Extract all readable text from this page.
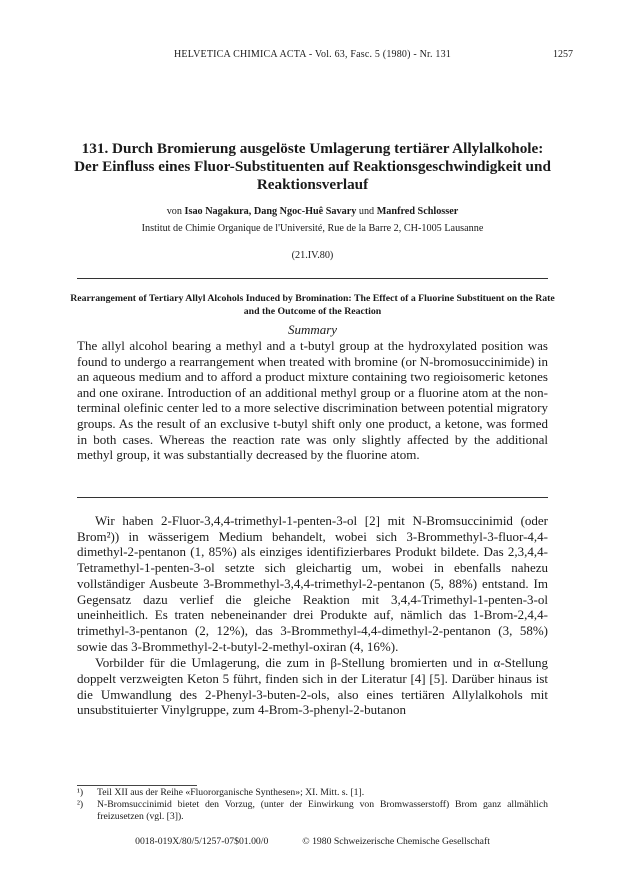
HELVETICA CHIMICA ACTA - Vol. 63, Fasc. 5 (1980) - Nr. 131	1257
131. Durch Bromierung ausgelöste Umlagerung tertiärer Allylalkohole: Der Einfluss eines Fluor-Substituenten auf Reaktionsgeschwindigkeit und Reaktionsverlauf
von Isao Nagakura, Dang Ngoc-Huê Savary und Manfred Schlosser
Institut de Chimie Organique de l'Université, Rue de la Barre 2, CH-1005 Lausanne
(21.IV.80)
Rearrangement of Tertiary Allyl Alcohols Induced by Bromination: The Effect of a Fluorine Substituent on the Rate and the Outcome of the Reaction
Summary
The allyl alcohol bearing a methyl and a t-butyl group at the hydroxylated position was found to undergo a rearrangement when treated with bromine (or N-bromosuccinimide) in an aqueous medium and to afford a product mixture containing two regioisomeric ketones and one oxirane. Introduction of an additional methyl group or a fluorine atom at the non-terminal olefinic center led to a more selective discrimination between potential migratory groups. As the result of an exclusive t-butyl shift only one product, a ketone, was formed in both cases. Whereas the reaction rate was only slightly affected by the additional methyl group, it was substantially decreased by the fluorine atom.

Wir haben 2-Fluor-3,4,4-trimethyl-1-penten-3-ol [2] mit N-Bromsuccinimid (oder Brom²)) in wässerigem Medium behandelt, wobei sich 3-Brommethyl-3-fluor-4,4-dimethyl-2-pentanon (1, 85%) als einziges identifizierbares Produkt bildete. Das 2,3,4,4-Tetramethyl-1-penten-3-ol setzte sich gleichartig um, wobei in ebenfalls nahezu vollständiger Ausbeute 3-Brommethyl-3,4,4-trimethyl-2-pentanon (5, 88%) entstand. Im Gegensatz dazu verlief die gleiche Reaktion mit 3,4,4-Trimethyl-1-penten-3-ol uneinheitlich. Es traten nebeneinander drei Produkte auf, nämlich das 1-Brom-2,4,4-trimethyl-3-pentanon (2, 12%), das 3-Brommethyl-4,4-dimethyl-2-pentanon (3, 58%) sowie das 3-Brommethyl-2-t-butyl-2-methyl-oxiran (4, 16%).

Vorbilder für die Umlagerung, die zum in β-Stellung bromierten und in α-Stellung doppelt verzweigten Keton 5 führt, finden sich in der Literatur [4] [5]. Darüber hinaus ist die Umwandlung des 2-Phenyl-3-buten-2-ols, also eines tertiären Allylalkohols mit unsubstituierter Vinylgruppe, zum 4-Brom-3-phenyl-2-butanon

¹) Teil XII aus der Reihe «Fluororganische Synthesen»; XI. Mitt. s. [1].
²) N-Bromsuccinimid bietet den Vorzug, (unter der Einwirkung von Bromwasserstoff) Brom ganz allmählich freizusetzen (vgl. [3]).
0018-019X/80/5/1257-07$01.00/0	© 1980 Schweizerische Chemische Gesellschaft
